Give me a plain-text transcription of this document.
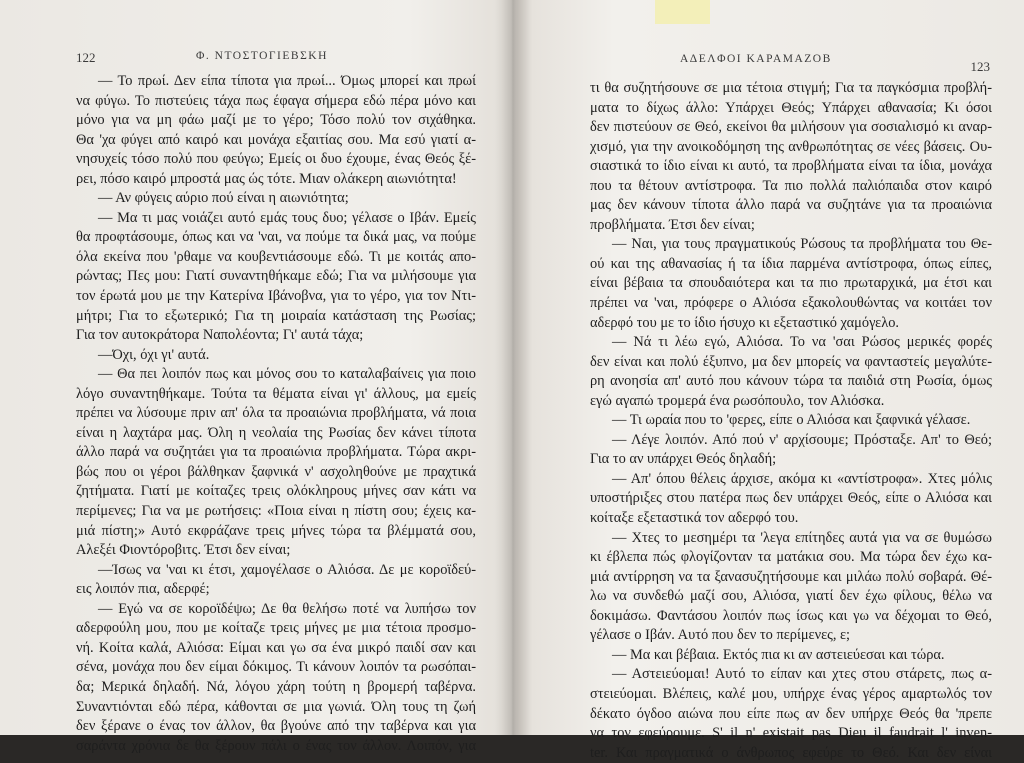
122	Φ. ΝΤΟΣΤΟΓΙΕΒΣΚΗ
— Το πρωί. Δεν είπα τίποτα για πρωί... Όμως μπορεί και πρωί
να φύγω. Το πιστεύεις τάχα πως έφαγα σήμερα εδώ πέρα μόνο και
μόνο για να μη φάω μαζί με το γέρο; Τόσο πολύ τον σιχάθηκα.
Θα 'χα φύγει από καιρό και μονάχα εξαιτίας σου. Μα εσύ γιατί α-
νησυχείς τόσο πολύ που φεύγω; Εμείς οι δυο έχουμε, ένας Θεός ξέ-
ρει, πόσο καιρό μπροστά μας ώς τότε. Μιαν ολάκερη αιωνιότητα!
— Αν φύγεις αύριο πού είναι η αιωνιότητα;
— Μα τι μας νοιάζει αυτό εμάς τους δυο; γέλασε ο Ιβάν. Εμείς
θα προφτάσουμε, όπως και να 'ναι, να πούμε τα δικά μας, να πούμε
όλα εκείνα που 'ρθαμε να κουβεντιάσουμε εδώ. Τι με κοιτάς απο-
ρώντας; Πες μου: Γιατί συναντηθήκαμε εδώ; Για να μιλήσουμε για
τον έρωτά μου με την Κατερίνα Ιβάνοβνα, για το γέρο, για τον Ντι-
μήτρι; Για το εξωτερικό; Για τη μοιραία κατάσταση της Ρωσίας;
Για τον αυτοκράτορα Ναπολέοντα; Γι' αυτά τάχα;
—Όχι, όχι γι' αυτά.
— Θα πει λοιπόν πως και μόνος σου το καταλαβαίνεις για ποιο
λόγο συναντηθήκαμε. Τούτα τα θέματα είναι γι' άλλους, μα εμείς
πρέπει να λύσουμε πριν απ' όλα τα προαιώνια προβλήματα, νά ποια
είναι η λαχτάρα μας. Όλη η νεολαία της Ρωσίας δεν κάνει τίποτα
άλλο παρά να συζητάει για τα προαιώνια προβλήματα. Τώρα ακρι-
βώς που οι γέροι βάλθηκαν ξαφνικά ν' ασχοληθούνε με πραχτικά
ζητήματα. Γιατί με κοίταζες τρεις ολόκληρους μήνες σαν κάτι να
περίμενες; Για να με ρωτήσεις: «Ποια είναι η πίστη σου; έχεις κα-
μιά πίστη;» Αυτό εκφράζανε τρεις μήνες τώρα τα βλέμματά σου,
Αλεξέι Φιοντόροβιτς. Έτσι δεν είναι;
—Ίσως να 'ναι κι έτσι, χαμογέλασε ο Αλιόσα. Δε με κοροϊδεύ-
εις λοιπόν πια, αδερφέ;
— Εγώ να σε κοροϊδέψω; Δε θα θελήσω ποτέ να λυπήσω τον
αδερφούλη μου, που με κοίταζε τρεις μήνες με μια τέτοια προσμο-
νή. Κοίτα καλά, Αλιόσα: Είμαι και γω σα ένα μικρό παιδί σαν και
σένα, μονάχα που δεν είμαι δόκιμος. Τι κάνουν λοιπόν τα ρωσόπαι-
δα; Μερικά δηλαδή. Νά, λόγου χάρη τούτη η βρομερή ταβέρνα.
Συναντιόνται εδώ πέρα, κάθονται σε μια γωνιά. Όλη τους τη ζωή
δεν ξέρανε ο ένας τον άλλον, θα βγούνε από την ταβέρνα και για
σαράντα χρόνια δε θα ξέρουν πάλι ο ένας τον άλλον. Λοιπόν, για
ΑΔΕΛΦΟΙ ΚΑΡΑΜΑΖΟΒ	123
τι θα συζητήσουνε σε μια τέτοια στιγμή; Για τα παγκόσμια προβλή-
ματα το δίχως άλλο: Υπάρχει Θεός; Υπάρχει αθανασία; Κι όσοι
δεν πιστεύουν σε Θεό, εκείνοι θα μιλήσουν για σοσιαλισμό κι αναρ-
χισμό, για την ανοικοδόμηση της ανθρωπότητας σε νέες βάσεις. Ου-
σιαστικά το ίδιο είναι κι αυτό, τα προβλήματα είναι τα ίδια, μονάχα
που τα θέτουν αντίστροφα. Τα πιο πολλά παλιόπαιδα στον καιρό
μας δεν κάνουν τίποτα άλλο παρά να συζητάνε για τα προαιώνια
προβλήματα. Έτσι δεν είναι;
— Ναι, για τους πραγματικούς Ρώσους τα προβλήματα του Θε-
ού και της αθανασίας ή τα ίδια παρμένα αντίστροφα, όπως είπες,
είναι βέβαια τα σπουδαιότερα και τα πιο πρωταρχικά, μα έτσι και
πρέπει να 'ναι, πρόφερε ο Αλιόσα εξακολουθώντας να κοιτάει τον
αδερφό του με το ίδιο ήσυχο κι εξεταστικό χαμόγελο.
— Νά τι λέω εγώ, Αλιόσα. Το να 'σαι Ρώσος μερικές φορές
δεν είναι και πολύ έξυπνο, μα δεν μπορείς να φανταστείς μεγαλύτε-
ρη ανοησία απ' αυτό που κάνουν τώρα τα παιδιά στη Ρωσία, όμως
εγώ αγαπώ τρομερά ένα ρωσόπουλο, τον Αλιόσκα.
— Τι ωραία που το 'φερες, είπε ο Αλιόσα και ξαφνικά γέλασε.
— Λέγε λοιπόν. Από πού ν' αρχίσουμε; Πρόσταξε. Απ' το Θεό;
Για το αν υπάρχει Θεός δηλαδή;
— Απ' όπου θέλεις άρχισε, ακόμα κι «αντίστροφα». Χτες μόλις
υποστήριξες στου πατέρα πως δεν υπάρχει Θεός, είπε ο Αλιόσα και
κοίταξε εξεταστικά τον αδερφό του.
— Χτες το μεσημέρι τα 'λεγα επίτηδες αυτά για να σε θυμώσω
κι έβλεπα πώς φλογίζονταν τα ματάκια σου. Μα τώρα δεν έχω κα-
μιά αντίρρηση να τα ξανασυζητήσουμε και μιλάω πολύ σοβαρά. Θέ-
λω να συνδεθώ μαζί σου, Αλιόσα, γιατί δεν έχω φίλους, θέλω να
δοκιμάσω. Φαντάσου λοιπόν πως ίσως και γω να δέχομαι το Θεό,
γέλασε ο Ιβάν. Αυτό που δεν το περίμενες, ε;
— Μα και βέβαια. Εκτός πια κι αν αστειεύεσαι και τώρα.
— Αστειεύομαι! Αυτό το είπαν και χτες στου στάρετς, πως α-
στειεύομαι. Βλέπεις, καλέ μου, υπήρχε ένας γέρος αμαρτωλός τον
δέκατο όγδοο αιώνα που είπε πως αν δεν υπήρχε Θεός θα 'πρεπε
να τον εφεύρουμε. S' il n' existait pas Dieu il faudrait l' inven-
ter. Και πραγματικά ο άνθρωπος εφεύρε το Θεό. Και δεν είναι
